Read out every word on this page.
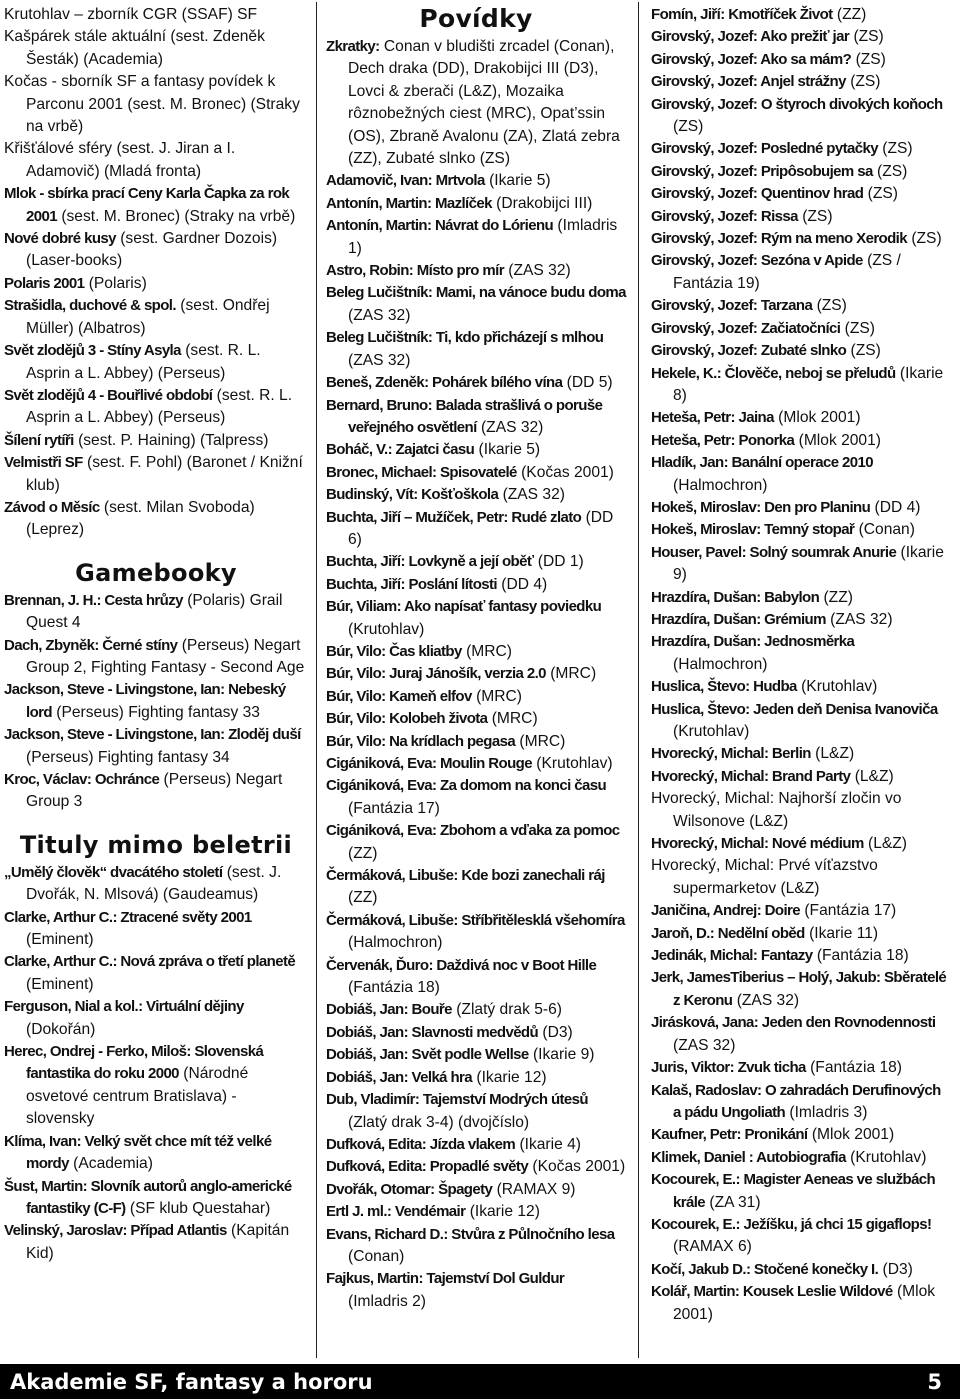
Krutohlav – zborník CGR (SSAF) SF
Kašpárek stále aktuální (sest. Zdeněk Šesták) (Academia)
Kočas - sborník SF a fantasy povídek k Parconu 2001 (sest. M. Bronec) (Straky na vrbě)
Křišťálové sféry (sest. J. Jiran a I. Adamovič) (Mladá fronta)
Mlok - sbírka prací Ceny Karla Čapka za rok 2001 (sest. M. Bronec) (Straky na vrbě)
Nové dobré kusy (sest. Gardner Dozois) (Laser-books)
Polaris 2001 (Polaris)
Strašidla, duchové & spol. (sest. Ondřej Müller) (Albatros)
Svět zlodějů 3 - Stíny Asyla (sest. R. L. Asprin a L. Abbey) (Perseus)
Svět zlodějů 4 - Bouřlivé období (sest. R. L. Asprin a L. Abbey) (Perseus)
Šílení rytíři (sest. P. Haining) (Talpress)
Velmistři SF (sest. F. Pohl) (Baronet / Knižní klub)
Závod o Měsíc (sest. Milan Svoboda) (Leprez)
Gamebooky
Brennan, J. H.: Cesta hrůzy (Polaris) Grail Quest 4
Dach, Zbyněk: Černé stíny (Perseus) Negart Group 2, Fighting Fantasy - Second Age
Jackson, Steve - Livingstone, Ian: Nebeský lord (Perseus) Fighting fantasy 33
Jackson, Steve - Livingstone, Ian: Zloděj duší (Perseus) Fighting fantasy 34
Kroc, Václav: Ochránce (Perseus) Negart Group 3
Tituly mimo beletrii
„Umělý člověk“ dvacátého století (sest. J. Dvořák, N. Mlsová) (Gaudeamus)
Clarke, Arthur C.: Ztracené světy 2001 (Eminent)
Clarke, Arthur C.: Nová zpráva o třetí planetě (Eminent)
Ferguson, Nial a kol.: Virtuální dějiny (Dokořán)
Herec, Ondrej - Ferko, Miloš: Slovenská fantastika do roku 2000 (Národné osvetové centrum Bratislava) - slovensky
Klíma, Ivan: Velký svět chce mít též velké mordy (Academia)
Šust, Martin: Slovník autorů anglo-americké fantastiky (C-F) (SF klub Questahar)
Velinský, Jaroslav: Případ Atlantis (Kapitán Kid)
Povídky
Zkratky: Conan v bludišti zrcadel (Conan), Dech draka (DD), Drakobijci III (D3), Lovci & zberači (L&Z), Mozaika rôznobežných ciest (MRC), Opat’ssin (OS), Zbraně Avalonu (ZA), Zlatá zebra (ZZ), Zubaté slnko (ZS)
Adamovič, Ivan: Mrtvola (Ikarie 5)
Antonín, Martin: Mazlíček (Drakobijci III)
Antonín, Martin: Návrat do Lórienu (Imladris 1)
Astro, Robin: Místo pro mír (ZAS 32)
Beleg Lučištník: Mami, na vánoce budu doma (ZAS 32)
Beleg Lučištník: Ti, kdo přicházejí s mlhou (ZAS 32)
Beneš, Zdeněk: Pohárek bílého vína (DD 5)
Bernard, Bruno: Balada strašlivá o poruše veřejného osvětlení (ZAS 32)
Boháč, V.: Zajatci času (Ikarie 5)
Bronec, Michael: Spisovatelé (Kočas 2001)
Budinský, Vít: Košťoškola (ZAS 32)
Buchta, Jiří – Mužíček, Petr: Rudé zlato (DD 6)
Buchta, Jiří: Lovkyně a její oběť (DD 1)
Buchta, Jiří: Poslání lítosti (DD 4)
Búr, Viliam: Ako napísať fantasy poviedku (Krutohlav)
Búr, Vilo: Čas kliatby (MRC)
Búr, Vilo: Juraj Jánošík, verzia 2.0 (MRC)
Búr, Vilo: Kameň elfov (MRC)
Búr, Vilo: Kolobeh života (MRC)
Búr, Vilo: Na krídlach pegasa (MRC)
Cigániková, Eva: Moulin Rouge (Krutohlav)
Cigániková, Eva: Za domom na konci času (Fantázia 17)
Cigániková, Eva: Zbohom a vďaka za pomoc (ZZ)
Čermáková, Libuše: Kde bozi zanechali ráj (ZZ)
Čermáková, Libuše: Stříbřitělesklá všehomíra (Halmochron)
Červenák, Ďuro: Daždivá noc v Boot Hille (Fantázia 18)
Dobiáš, Jan: Bouře (Zlatý drak 5-6)
Dobiáš, Jan: Slavnosti medvědů (D3)
Dobiáš, Jan: Svět podle Wellse (Ikarie 9)
Dobiáš, Jan: Velká hra (Ikarie 12)
Dub, Vladimír: Tajemství Modrých útesů (Zlatý drak 3-4) (dvojčíslo)
Dufková, Edita: Jízda vlakem (Ikarie 4)
Dufková, Edita: Propadlé světy (Kočas 2001)
Dvořák, Otomar: Špagety (RAMAX 9)
Ertl J. ml.: Vendémair (Ikarie 12)
Evans, Richard D.: Stvůra z Půlnočního lesa (Conan)
Fajkus, Martin: Tajemství Dol Guldur (Imladris 2)
Fomín, Jiří: Kmotříček Život (ZZ)
Girovský, Jozef: Ako prežiť jar (ZS)
Girovský, Jozef: Ako sa mám? (ZS)
Girovský, Jozef: Anjel strážny (ZS)
Girovský, Jozef: O štyroch divokých koňoch (ZS)
Girovský, Jozef: Posledné pytačky (ZS)
Girovský, Jozef: Pripôsobujem sa (ZS)
Girovský, Jozef: Quentinov hrad (ZS)
Girovský, Jozef: Rissa (ZS)
Girovský, Jozef: Rým na meno Xerodik (ZS)
Girovský, Jozef: Sezóna v Apide (ZS / Fantázia 19)
Girovský, Jozef: Tarzana (ZS)
Girovský, Jozef: Začiatočníci (ZS)
Girovský, Jozef: Zubaté slnko (ZS)
Hekele, K.: Člověče, neboj se přeludů (Ikarie 8)
Heteša, Petr: Jaina (Mlok 2001)
Heteša, Petr: Ponorka (Mlok 2001)
Hladík, Jan: Banální operace 2010 (Halmochron)
Hokeš, Miroslav: Den pro Planinu (DD 4)
Hokeš, Miroslav: Temný stopař (Conan)
Houser, Pavel: Solný soumrak Anurie (Ikarie 9)
Hrazdíra, Dušan: Babylon (ZZ)
Hrazdíra, Dušan: Grémium (ZAS 32)
Hrazdíra, Dušan: Jednosměrka (Halmochron)
Huslica, Števo: Hudba (Krutohlav)
Huslica, Števo: Jeden deň Denisa Ivanoviča (Krutohlav)
Hvorecký, Michal: Berlin (L&Z)
Hvorecký, Michal: Brand Party (L&Z)
Hvorecký, Michal: Najhorší zločin vo Wilsonove (L&Z)
Hvorecký, Michal: Nové médium (L&Z)
Hvorecký, Michal: Prvé víťazstvo supermarketov (L&Z)
Janičina, Andrej: Doire (Fantázia 17)
Jaroň, D.: Nedělní oběd (Ikarie 11)
Jedinák, Michal: Fantazy (Fantázia 18)
Jerk, JamesTiberius – Holý, Jakub: Sběratelé z Keronu (ZAS 32)
Jirásková, Jana: Jeden den Rovnodennosti (ZAS 32)
Juris, Viktor: Zvuk ticha (Fantázia 18)
Kalaš, Radoslav: O zahradách Derufinových a pádu Ungoliath (Imladris 3)
Kaufner, Petr: Pronikání (Mlok 2001)
Klimek, Daniel : Autobiografia (Krutohlav)
Kocourek, E.: Magister Aeneas ve službách krále (ZA 31)
Kocourek, E.: Ježíšku, já chci 15 gigaflops! (RAMAX 6)
Kočí, Jakub D.: Stočené konečky I. (D3)
Kolář, Martin: Kousek Leslie Wildové (Mlok 2001)
Akademie SF, fantasy a hororu	5
